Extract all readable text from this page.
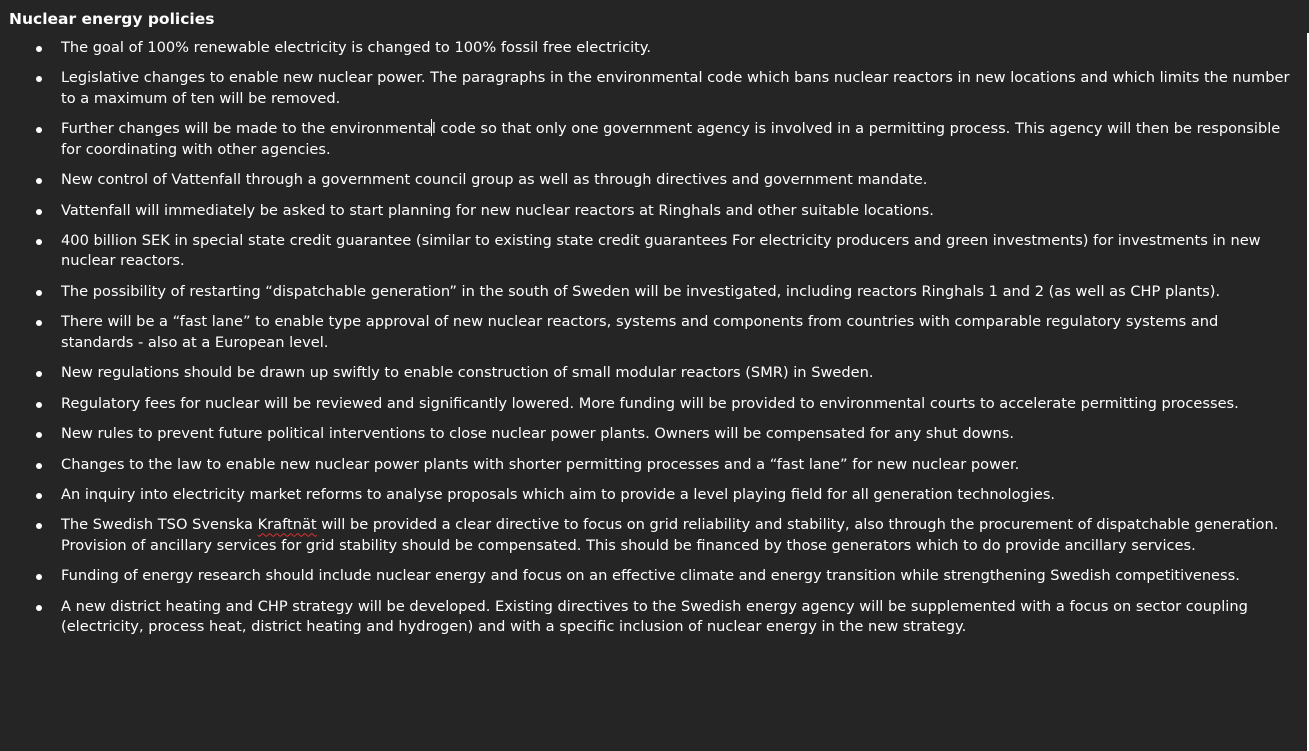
Nuclear energy policies
The goal of 100% renewable electricity is changed to 100% fossil free electricity.
Legislative changes to enable new nuclear power. The paragraphs in the environmental code which bans nuclear reactors in new locations and which limits the number to a maximum of ten will be removed.
Further changes will be made to the environmental code so that only one government agency is involved in a permitting process. This agency will then be responsible for coordinating with other agencies.
New control of Vattenfall through a government council group as well as through directives and government mandate.
Vattenfall will immediately be asked to start planning for new nuclear reactors at Ringhals and other suitable locations.
400 billion SEK in special state credit guarantee (similar to existing state credit guarantees For electricity producers and green investments) for investments in new nuclear reactors.
The possibility of restarting “dispatchable generation” in the south of Sweden will be investigated, including reactors Ringhals 1 and 2 (as well as CHP plants).
There will be a “fast lane” to enable type approval of new nuclear reactors, systems and components from countries with comparable regulatory systems and standards - also at a European level.
New regulations should be drawn up swiftly to enable construction of small modular reactors (SMR) in Sweden.
Regulatory fees for nuclear will be reviewed and significantly lowered. More funding will be provided to environmental courts to accelerate permitting processes.
New rules to prevent future political interventions to close nuclear power plants. Owners will be compensated for any shut downs.
Changes to the law to enable new nuclear power plants with shorter permitting processes and a “fast lane” for new nuclear power.
An inquiry into electricity market reforms to analyse proposals which aim to provide a level playing field for all generation technologies.
The Swedish TSO Svenska Kraftnät will be provided a clear directive to focus on grid reliability and stability, also through the procurement of dispatchable generation. Provision of ancillary services for grid stability should be compensated. This should be financed by those generators which to do provide ancillary services.
Funding of energy research should include nuclear energy and focus on an effective climate and energy transition while strengthening Swedish competitiveness.
A new district heating and CHP strategy will be developed. Existing directives to the Swedish energy agency will be supplemented with a focus on sector coupling (electricity, process heat, district heating and hydrogen) and with a specific inclusion of nuclear energy in the new strategy.
